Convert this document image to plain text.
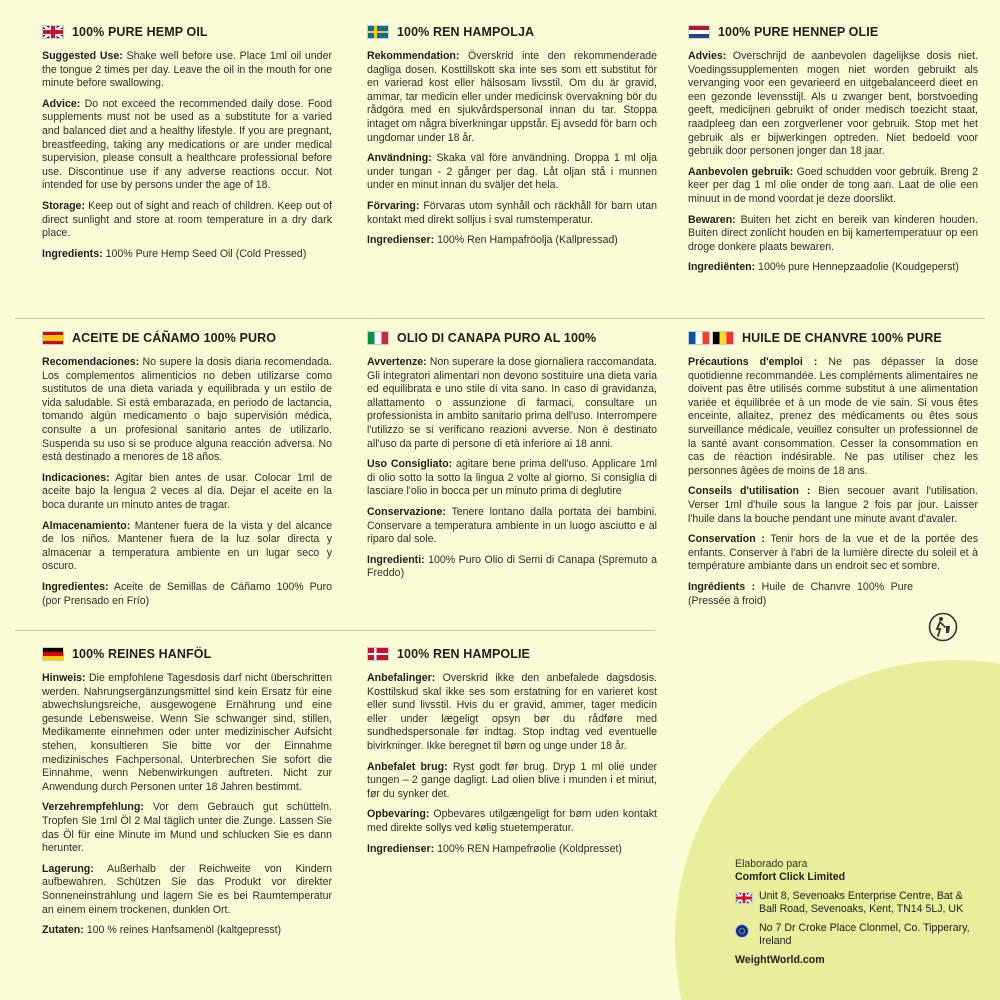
100% PURE HEMP OIL

Suggested Use: Shake well before use. Place 1ml oil under the tongue 2 times per day. Leave the oil in the mouth for one minute before swallowing.

Advice: Do not exceed the recommended daily dose. Food supplements must not be used as a substitute for a varied and balanced diet and a healthy lifestyle. If you are pregnant, breastfeeding, taking any medications or are under medical supervision, please consult a healthcare professional before use. Discontinue use if any adverse reactions occur. Not intended for use by persons under the age of 18.

Storage: Keep out of sight and reach of children. Keep out of direct sunlight and store at room temperature in a dry dark place.

Ingredients: 100% Pure Hemp Seed Oil (Cold Pressed)

100% REN HAMPOLJA

Rekommendation: Överskrid inte den rekommenderade dagliga dosen. Kosttillskott ska inte ses som ett substitut för en varierad kost eller hälsosam livsstil. Om du är gravid, ammar, tar medicin eller under medicinsk övervakning bör du rådgöra med en sjukvårdspersonal innan du tar. Stoppa intaget om några biverkningar uppstår. Ej avsedd för barn och ungdomar under 18 år.

Användning: Skaka väl före användning. Droppa 1 ml olja under tungan - 2 gånger per dag. Låt oljan stå i munnen under en minut innan du sväljer det hela.

Förvaring: Förvaras utom synhåll och räckhåll för barn utan kontakt med direkt solljus i sval rumstemperatur.

Ingredienser: 100% Ren Hampafröolja (Kallpressad)

100% PURE HENNEP OLIE

Advies: Overschrijd de aanbevolen dagelijkse dosis niet. Voedingssupplementen mogen niet worden gebruikt als vervanging voor een gevarieerd en uitgebalanceerd dieet en een gezonde levensstijl. Als u zwanger bent, borstvoeding geeft, medicijnen gebruikt of onder medisch toezicht staat, raadpleeg dan een zorgverlener voor gebruik. Stop met het gebruik als er bijwerkingen optreden. Niet bedoeld voor gebruik door personen jonger dan 18 jaar.

Aanbevolen gebruik: Goed schudden voor gebruik. Breng 2 keer per dag 1 ml olie onder de tong aan. Laat de olie een minuut in de mond voordat je deze doorslikt.

Bewaren: Buiten het zicht en bereik van kinderen houden. Buiten direct zonlicht houden en bij kamertemperatuur op een droge donkere plaats bewaren.

Ingrediënten: 100% pure Hennepzaadolie (Koudgeperst)

ACEITE DE CÁÑAMO 100% PURO

Recomendaciones: No supere la dosis diaria recomendada. Los complementos alimenticios no deben utilizarse como sustitutos de una dieta variada y equilibrada y un estilo de vida saludable. Si está embarazada, en periodo de lactancia, tomando algún medicamento o bajo supervisión médica, consulte a un profesional sanitario antes de utilizarlo. Suspenda su uso si se produce alguna reacción adversa. No está destinado a menores de 18 años.

Indicaciones: Agitar bien antes de usar. Colocar 1ml de aceite bajo la lengua 2 veces al día. Dejar el aceite en la boca durante un minuto antes de tragar.

Almacenamiento: Mantener fuera de la vista y del alcance de los niños. Mantener fuera de la luz solar directa y almacenar a temperatura ambiente en un lugar seco y oscuro.

Ingredientes: Aceite de Semillas de Cáñamo 100% Puro (por Prensado en Frío)

OLIO DI CANAPA PURO AL 100%

Avvertenze: Non superare la dose giornaliera raccomandata. Gli integratori alimentari non devono sostituire una dieta varia ed equilibrata e uno stile di vita sano. In caso di gravidanza, allattamento o assunzione di farmaci, consultare un professionista in ambito sanitario prima dell'uso. Interrompere l'utilizzo se si verificano reazioni avverse. Non è destinato all'uso da parte di persone di età inferiore ai 18 anni.

Uso Consigliato: agitare bene prima dell'uso. Applicare 1ml di olio sotto la sotto la lingua 2 volte al giorno. Si consiglia di lasciare l'olio in bocca per un minuto prima di deglutire

Conservazione: Tenere lontano dalla portata dei bambini. Conservare a temperatura ambiente in un luogo asciutto e al riparo dal sole.

Ingredienti: 100% Puro Olio di Semi di Canapa (Spremuto a Freddo)

HUILE DE CHANVRE 100% PURE

Précautions d'emploi : Ne pas dépasser la dose quotidienne recommandée. Les compléments alimentaires ne doivent pas être utilisés comme substitut à une alimentation variée et équilibrée et à un mode de vie sain. Si vous êtes enceinte, allaitez, prenez des médicaments ou êtes sous surveillance médicale, veuillez consulter un professionnel de la santé avant consommation. Cesser la consommation en cas de réaction indésirable. Ne pas utiliser chez les personnes âgées de moins de 18 ans.

Conseils d'utilisation : Bien secouer avant l'utilisation. Verser 1ml d'huile sous la langue 2 fois par jour. Laisser l'huile dans la bouche pendant une minute avant d'avaler.

Conservation : Tenir hors de la vue et de la portée des enfants. Conserver à l'abri de la lumière directe du soleil et à température ambiante dans un endroit sec et sombre.

Ingrédients : Huile de Chanvre 100% Pure (Pressée à froid)

100% REINES HANFÖL

Hinweis: Die empfohlene Tagesdosis darf nicht überschritten werden. Nahrungsergänzungsmittel sind kein Ersatz für eine abwechslungsreiche, ausgewogene Ernährung und eine gesunde Lebensweise. Wenn Sie schwanger sind, stillen, Medikamente einnehmen oder unter medizinischer Aufsicht stehen, konsultieren Sie bitte vor der Einnahme medizinisches Fachpersonal. Unterbrechen Sie sofort die Einnahme, wenn Nebenwirkungen auftreten. Nicht zur Anwendung durch Personen unter 18 Jahren bestimmt.

Verzehrempfehlung: Vor dem Gebrauch gut schütteln. Tropfen Sie 1ml Öl 2 Mal täglich unter die Zunge. Lassen Sie das Öl für eine Minute im Mund und schlucken Sie es dann herunter.

Lagerung: Außerhalb der Reichweite von Kindern aufbewahren. Schützen Sie das Produkt vor direkter Sonneneinstrahlung und lagern Sie es bei Raumtemperatur an einem einem trockenen, dunklen Ort.

Zutaten: 100 % reines Hanfsamenöl (kaltgepresst)

100% REN HAMPOLIE

Anbefalinger: Overskrid ikke den anbefalede dagsdosis. Kosttilskud skal ikke ses som erstatning for en varieret kost eller sund livsstil. Hvis du er gravid, ammer, tager medicin eller under lægeligt opsyn bør du rådføre med sundhedspersonale før indtag. Stop indtag ved eventuelle bivirkninger. Ikke beregnet til børn og unge under 18 år.

Anbefalet brug: Ryst godt før brug. Dryp 1 ml olie under tungen – 2 gange dagligt. Lad olien blive i munden i et minut, før du synker det.

Opbevaring: Opbevares utilgængeligt for børn uden kontakt med direkte sollys ved kølig stuetemperatur.

Ingredienser: 100% REN Hampefrøolie (Koldpresset)

Elaborado para
Comfort Click Limited
Unit 8, Sevenoaks Enterprise Centre, Bat & Ball Road, Sevenoaks, Kent, TN14 5LJ, UK
No 7 Dr Croke Place Clonmel, Co. Tipperary, Ireland
WeightWorld.com
